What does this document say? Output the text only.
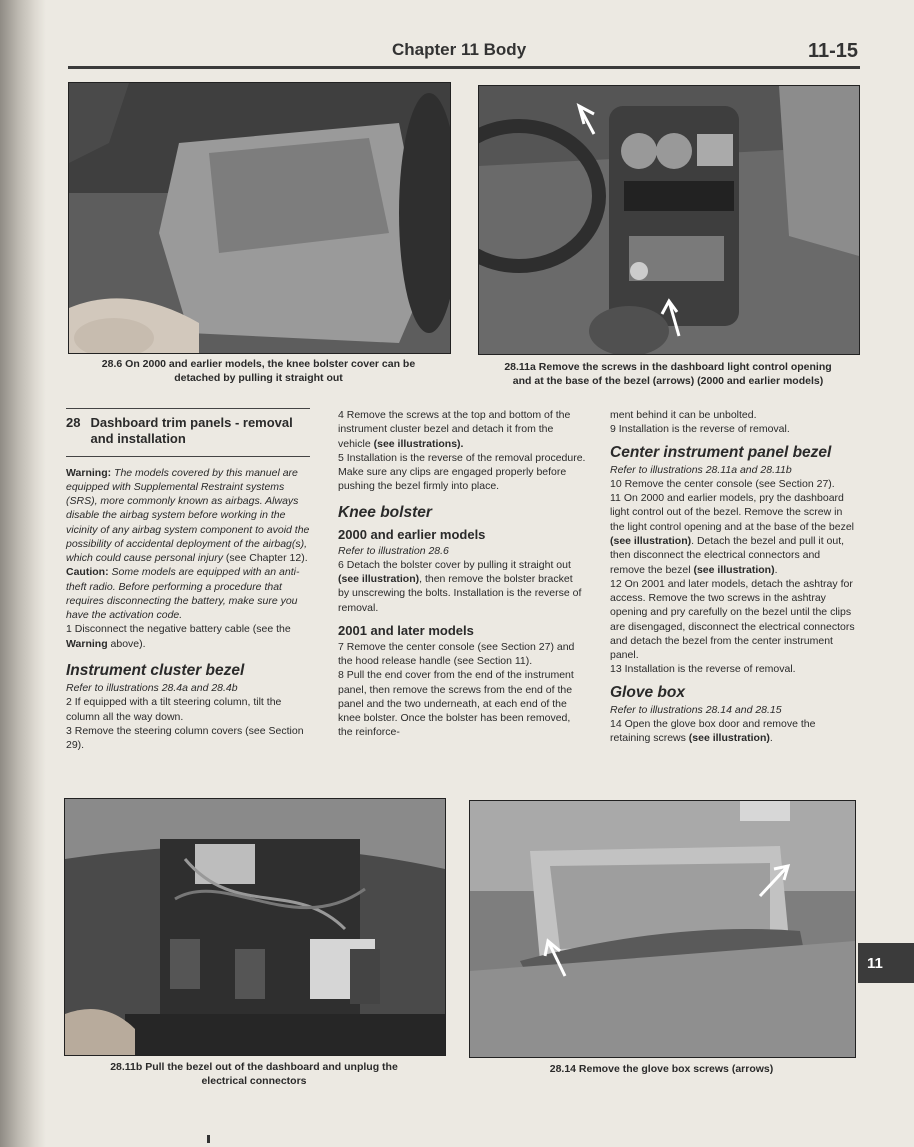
Chapter 11 Body	11-15
28.6 On 2000 and earlier models, the knee bolster cover can be
detached by pulling it straight out
28.11a Remove the screws in the dashboard light control opening
and at the base of the bezel (arrows) (2000 and earlier models)
28 Dashboard trim panels - removal and installation

Warning: The models covered by this manuel are equipped with Supplemental Restraint systems (SRS), more commonly known as airbags. Always disable the airbag system before working in the vicinity of any airbag system component to avoid the possibility of accidental deployment of the airbag(s), which could cause personal injury (see Chapter 12).

Caution: Some models are equipped with an anti-theft radio. Before performing a procedure that requires disconnecting the battery, make sure you have the activation code.

1 Disconnect the negative battery cable (see the Warning above).

Instrument cluster bezel

Refer to illustrations 28.4a and 28.4b

2 If equipped with a tilt steering column, tilt the column all the way down.

3 Remove the steering column covers (see Section 29).

4 Remove the screws at the top and bottom of the instrument cluster bezel and detach it from the vehicle (see illustrations).

5 Installation is the reverse of the removal procedure. Make sure any clips are engaged properly before pushing the bezel firmly into place.

Knee bolster

2000 and earlier models

Refer to illustration 28.6

6 Detach the bolster cover by pulling it straight out (see illustration), then remove the bolster bracket by unscrewing the bolts. Installation is the reverse of removal.

2001 and later models

7 Remove the center console (see Section 27) and the hood release handle (see Section 11).

8 Pull the end cover from the end of the instrument panel, then remove the screws from the end of the panel and the two underneath, at each end of the knee bolster. Once the bolster has been removed, the reinforce-

ment behind it can be unbolted.

9 Installation is the reverse of removal.

Center instrument panel bezel

Refer to illustrations 28.11a and 28.11b

10 Remove the center console (see Section 27).

11 On 2000 and earlier models, pry the dashboard light control out of the bezel. Remove the screw in the light control opening and at the base of the bezel (see illustration). Detach the bezel and pull it out, then disconnect the electrical connectors and remove the bezel (see illustration).

12 On 2001 and later models, detach the ashtray for access. Remove the two screws in the ashtray opening and pry carefully on the bezel until the clips are disengaged, disconnect the electrical connectors and detach the bezel from the center instrument panel.

13 Installation is the reverse of removal.

Glove box

Refer to illustrations 28.14 and 28.15

14 Open the glove box door and remove the retaining screws (see illustration).

28.11b Pull the bezel out of the dashboard and unplug the
electrical connectors
28.14 Remove the glove box screws (arrows)
11
